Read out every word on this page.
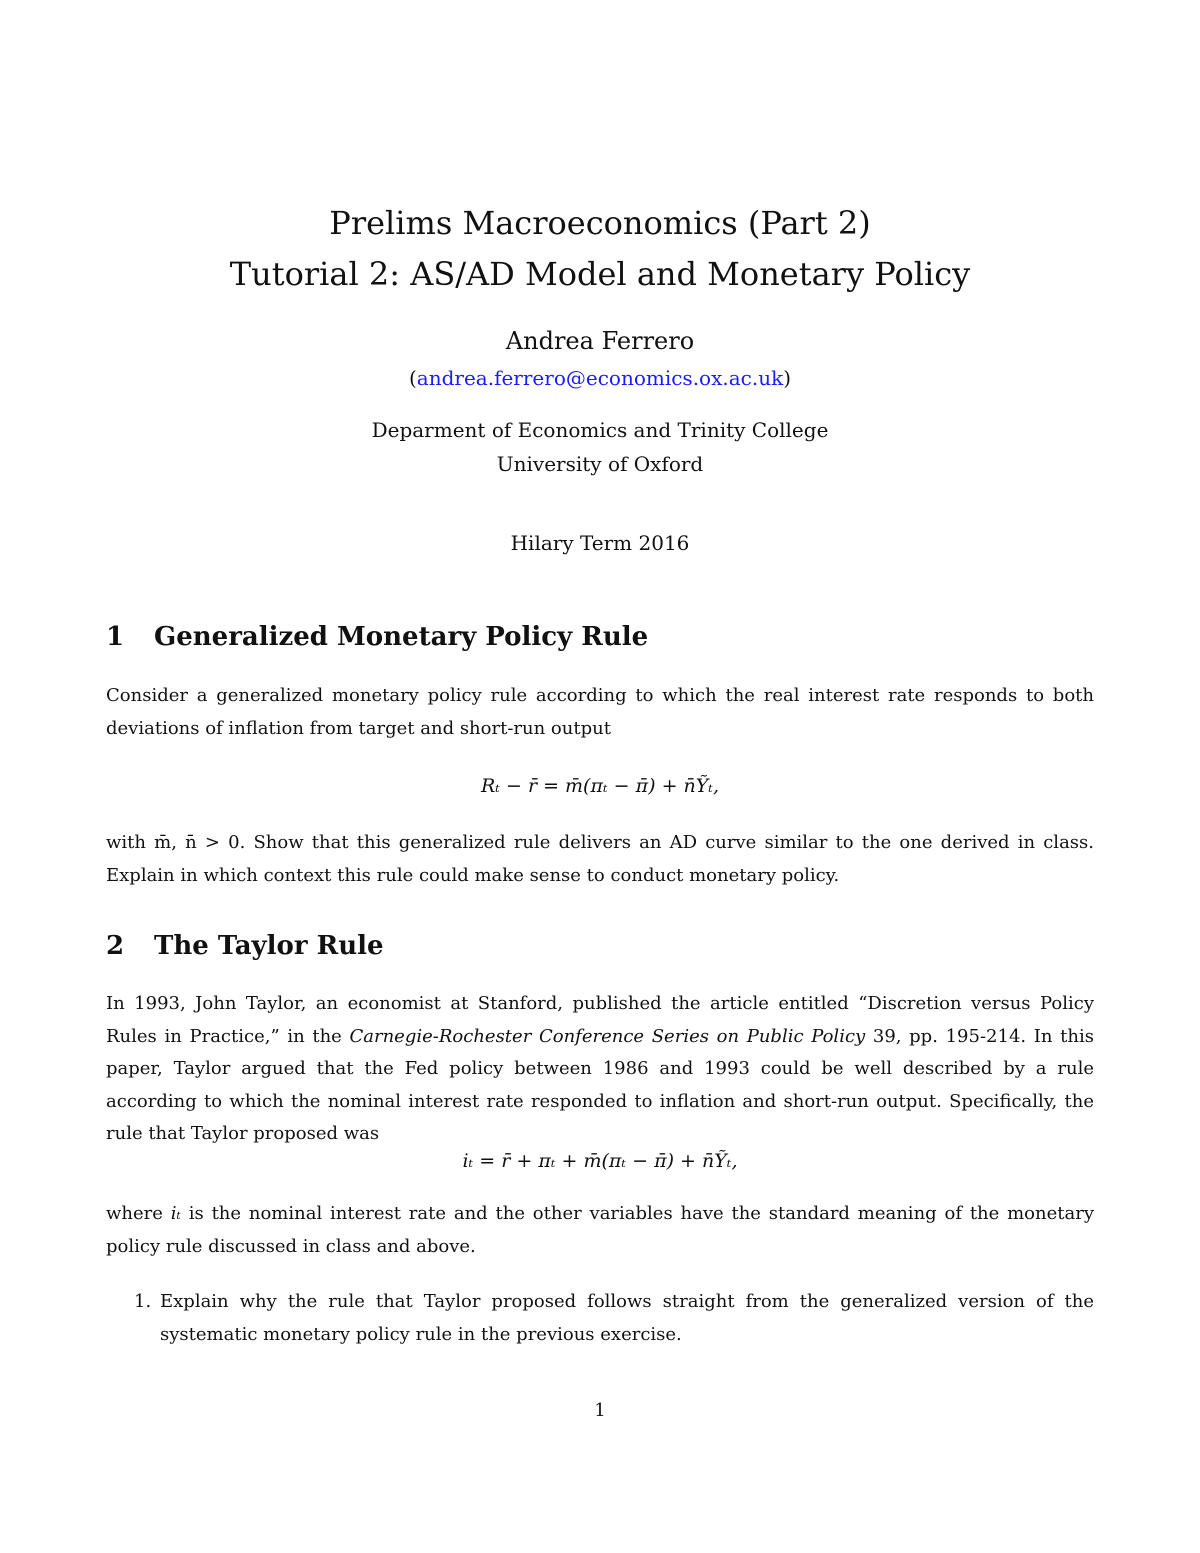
Prelims Macroeconomics (Part 2)
Tutorial 2: AS/AD Model and Monetary Policy
Andrea Ferrero
(andrea.ferrero@economics.ox.ac.uk)
Deparment of Economics and Trinity College
University of Oxford
Hilary Term 2016
1 Generalized Monetary Policy Rule
Consider a generalized monetary policy rule according to which the real interest rate responds to both deviations of inflation from target and short-run output
Rₜ − r̄ = m̄(πₜ − π̄) + n̄Ỹₜ,
with m̄, n̄ > 0. Show that this generalized rule delivers an AD curve similar to the one derived in class. Explain in which context this rule could make sense to conduct monetary policy.
2 The Taylor Rule
In 1993, John Taylor, an economist at Stanford, published the article entitled “Discretion versus Policy Rules in Practice,” in the Carnegie-Rochester Conference Series on Public Policy 39, pp. 195-214. In this paper, Taylor argued that the Fed policy between 1986 and 1993 could be well described by a rule according to which the nominal interest rate responded to inflation and short-run output. Specifically, the rule that Taylor proposed was
iₜ = r̄ + πₜ + m̄(πₜ − π̄) + n̄Ỹₜ,
where iₜ is the nominal interest rate and the other variables have the standard meaning of the monetary policy rule discussed in class and above.
1. Explain why the rule that Taylor proposed follows straight from the generalized version of the systematic monetary policy rule in the previous exercise.
1
